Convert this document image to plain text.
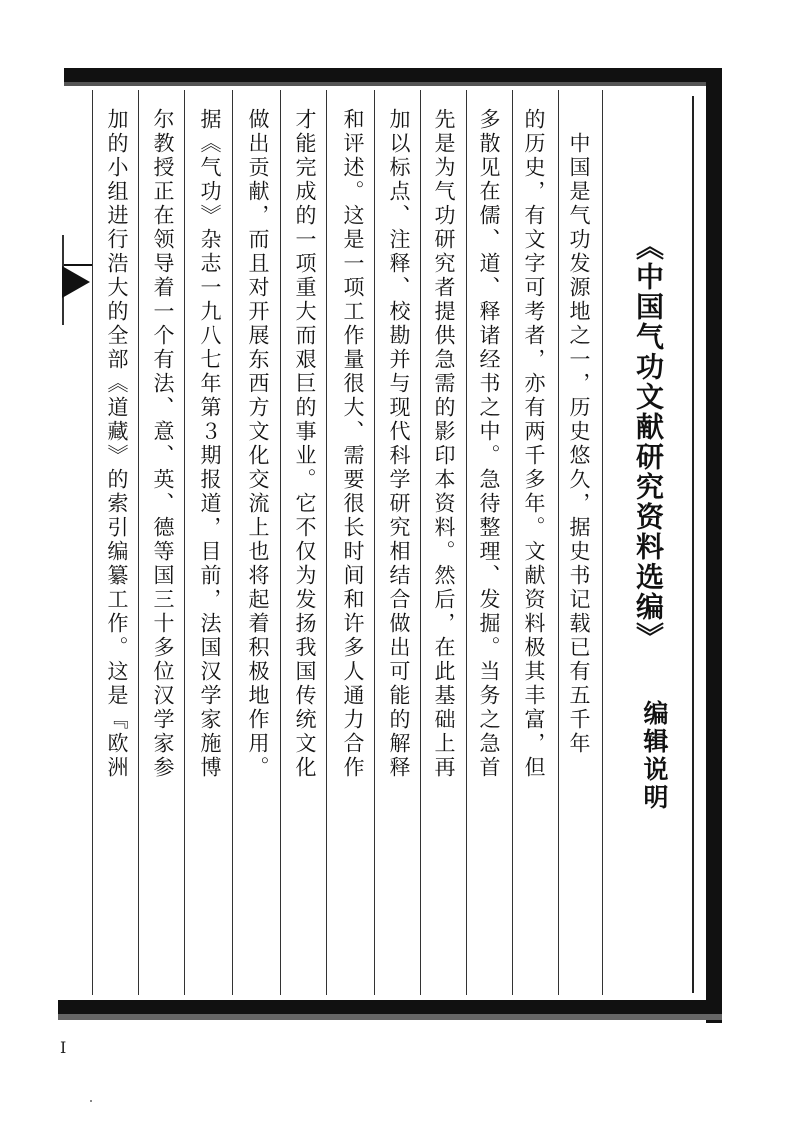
《中国气功文献研究资料选编》
编辑说明
　中国是气功发源地之一，历史悠久，据史书记载已有五千年
的历史，有文字可考者，亦有两千多年。文献资料极其丰富，但
多散见在儒、道、释诸经书之中。急待整理、发掘。当务之急首
先是为气功研究者提供急需的影印本资料。然后，在此基础上再
加以标点、注释、校勘并与现代科学研究相结合做出可能的解释
和评述。这是一项工作量很大、需要很长时间和许多人通力合作
才能完成的一项重大而艰巨的事业。它不仅为发扬我国传统文化
做出贡献，而且对开展东西方文化交流上也将起着积极地作用。
据《气功》杂志一九八七年第３期报道，目前，法国汉学家施博
尔教授正在领导着一个有法、意、英、德等国三十多位汉学家参
加的小组进行浩大的全部《道藏》的索引编纂工作。这是『欧洲
I
